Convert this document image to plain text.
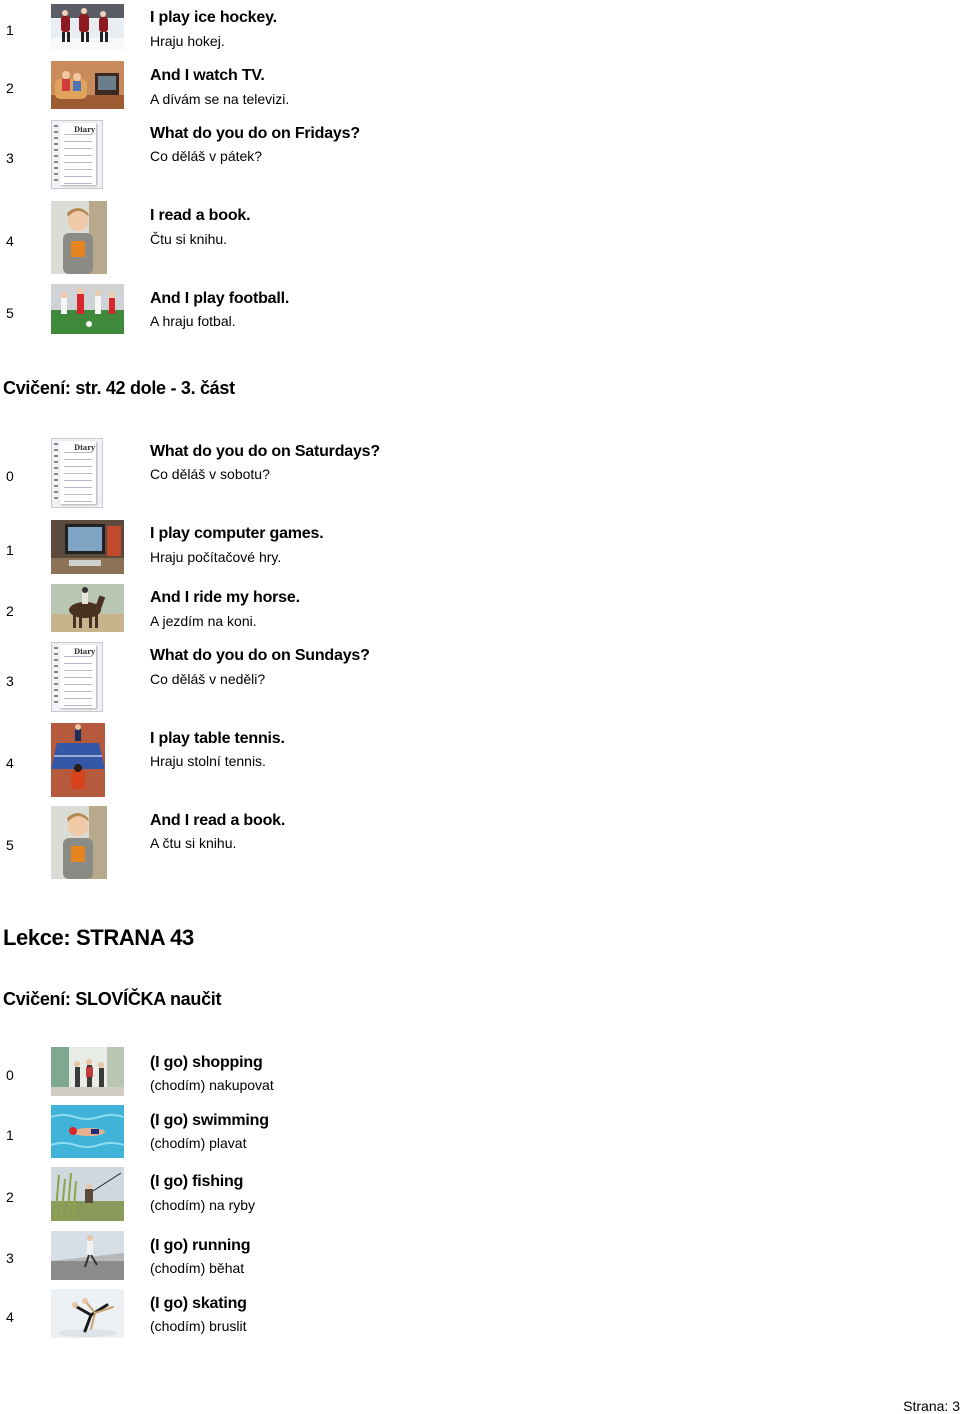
1
I play ice hockey.
Hraju hokej.
2
And I watch TV.
A dívám se na televizi.
3
Diary	What do you do on Fridays?
Co děláš v pátek?
4
I read a book.
Čtu si knihu.
5
And I play football.
A hraju fotbal.
Cvičení: str. 42 dole - 3. část
0
Diary	What do you do on Saturdays?
Co děláš v sobotu?
1
I play computer games.
Hraju počítačové hry.
2
And I ride my horse.
A jezdím na koni.
3
Diary	What do you do on Sundays?
Co děláš v neděli?
4
I play table tennis.
Hraju stolní tennis.
5
And I read a book.
A čtu si knihu.
Lekce: STRANA 43
Cvičení: SLOVÍČKA naučit
0
(I go) shopping
(chodím) nakupovat
1
(I go) swimming
(chodím) plavat
2
(I go) fishing
(chodím) na ryby
3
(I go) running
(chodím) běhat
4
(I go) skating
(chodím) bruslit
Strana: 3
